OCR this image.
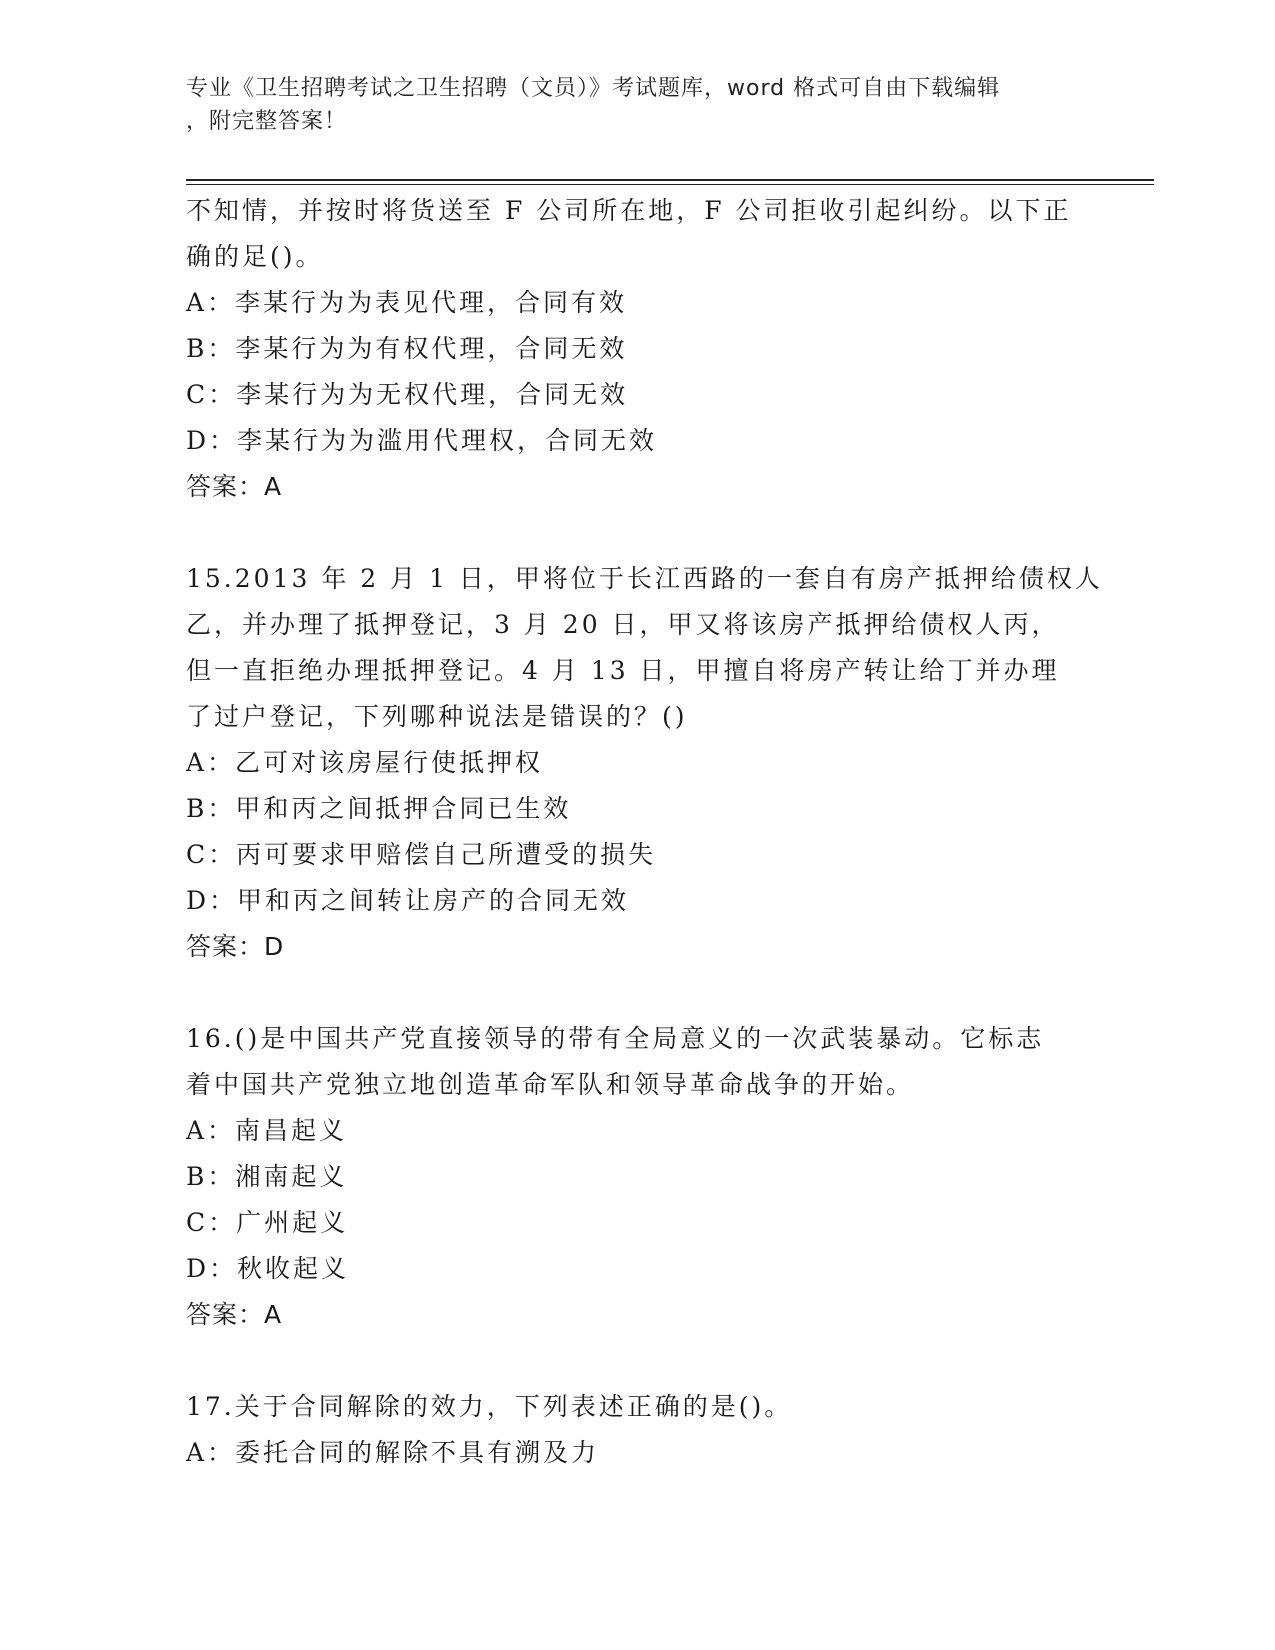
专业《卫生招聘考试之卫生招聘（文员）》考试题库，word 格式可自由下载编辑
，附完整答案！
不知情，并按时将货送至 F 公司所在地，F 公司拒收引起纠纷。以下正
确的足()。
A：李某行为为表见代理，合同有效
B：李某行为为有权代理，合同无效
C：李某行为为无权代理，合同无效
D：李某行为为滥用代理权，合同无效
答案：A
15.2013 年 2 月 1 日，甲将位于长江西路的一套自有房产抵押给债权人
乙，并办理了抵押登记，3 月 20 日，甲又将该房产抵押给债权人丙，
但一直拒绝办理抵押登记。4 月 13 日，甲擅自将房产转让给丁并办理
了过户登记，下列哪种说法是错误的？()
A：乙可对该房屋行使抵押权
B：甲和丙之间抵押合同已生效
C：丙可要求甲赔偿自己所遭受的损失
D：甲和丙之间转让房产的合同无效
答案：D
16.()是中国共产党直接领导的带有全局意义的一次武装暴动。它标志
着中国共产党独立地创造革命军队和领导革命战争的开始。
A：南昌起义
B：湘南起义
C：广州起义
D：秋收起义
答案：A
17.关于合同解除的效力，下列表述正确的是()。
A：委托合同的解除不具有溯及力
